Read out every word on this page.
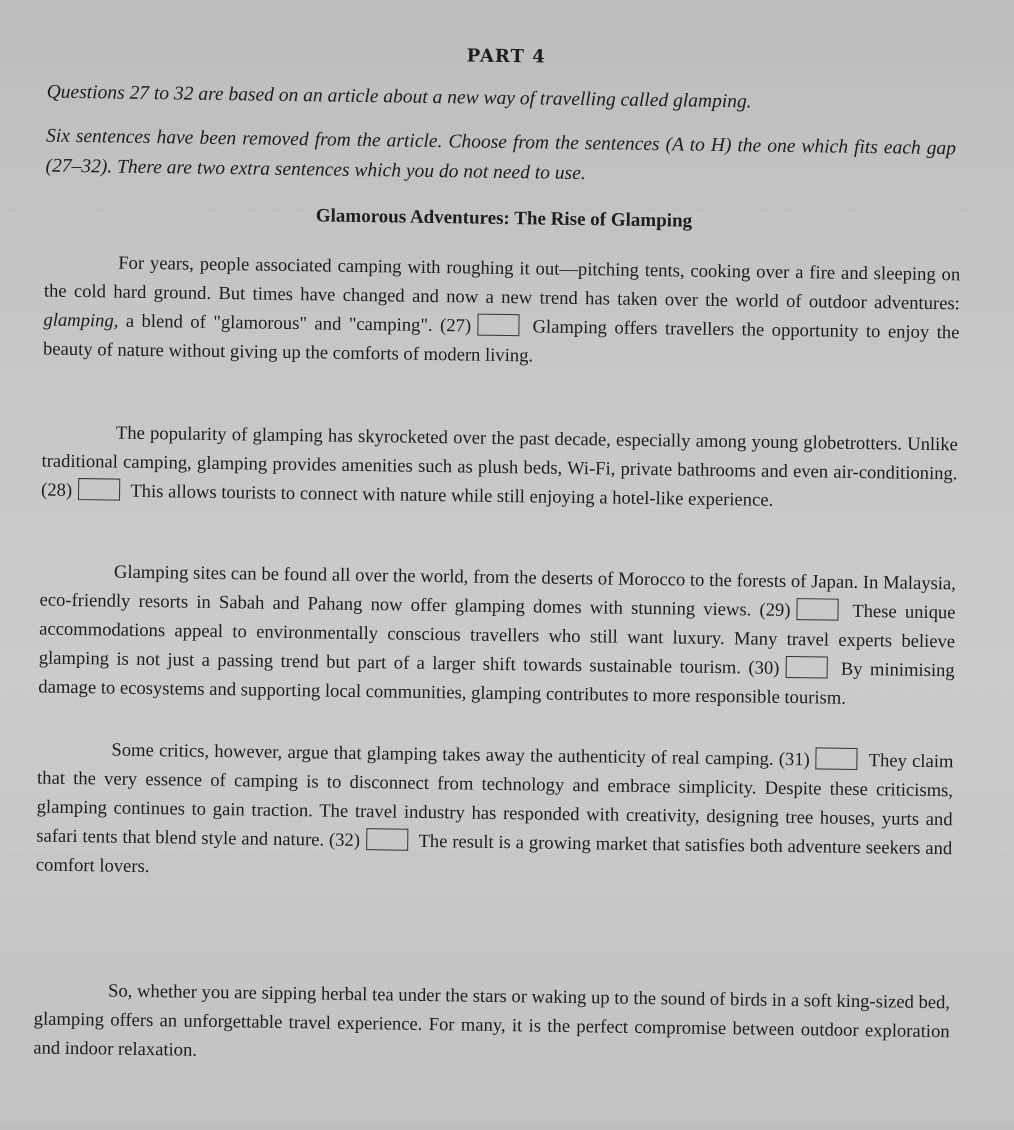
PART 4
Questions 27 to 32 are based on an article about a new way of travelling called glamping.
Six sentences have been removed from the article. Choose from the sentences (A to H) the one which fits each gap (27–32). There are two extra sentences which you do not need to use.
Glamorous Adventures: The Rise of Glamping
For years, people associated camping with roughing it out—pitching tents, cooking over a fire and sleeping on the cold hard ground. But times have changed and now a new trend has taken over the world of outdoor adventures: glamping, a blend of "glamorous" and "camping". (27)	Glamping offers travellers the opportunity to enjoy the beauty of nature without giving up the comforts of modern living.
The popularity of glamping has skyrocketed over the past decade, especially among young globetrotters. Unlike traditional camping, glamping provides amenities such as plush beds, Wi-Fi, private bathrooms and even air-conditioning. (28)	This allows tourists to connect with nature while still enjoying a hotel-like experience.
Glamping sites can be found all over the world, from the deserts of Morocco to the forests of Japan. In Malaysia, eco-friendly resorts in Sabah and Pahang now offer glamping domes with stunning views. (29)	These unique accommodations appeal to environmentally conscious travellers who still want luxury. Many travel experts believe glamping is not just a passing trend but part of a larger shift towards sustainable tourism. (30)	By minimising damage to ecosystems and supporting local communities, glamping contributes to more responsible tourism.
Some critics, however, argue that glamping takes away the authenticity of real camping. (31)	They claim that the very essence of camping is to disconnect from technology and embrace simplicity. Despite these criticisms, glamping continues to gain traction. The travel industry has responded with creativity, designing tree houses, yurts and safari tents that blend style and nature. (32)	The result is a growing market that satisfies both adventure seekers and comfort lovers.
So, whether you are sipping herbal tea under the stars or waking up to the sound of birds in a soft king-sized bed, glamping offers an unforgettable travel experience. For many, it is the perfect compromise between outdoor exploration and indoor relaxation.
